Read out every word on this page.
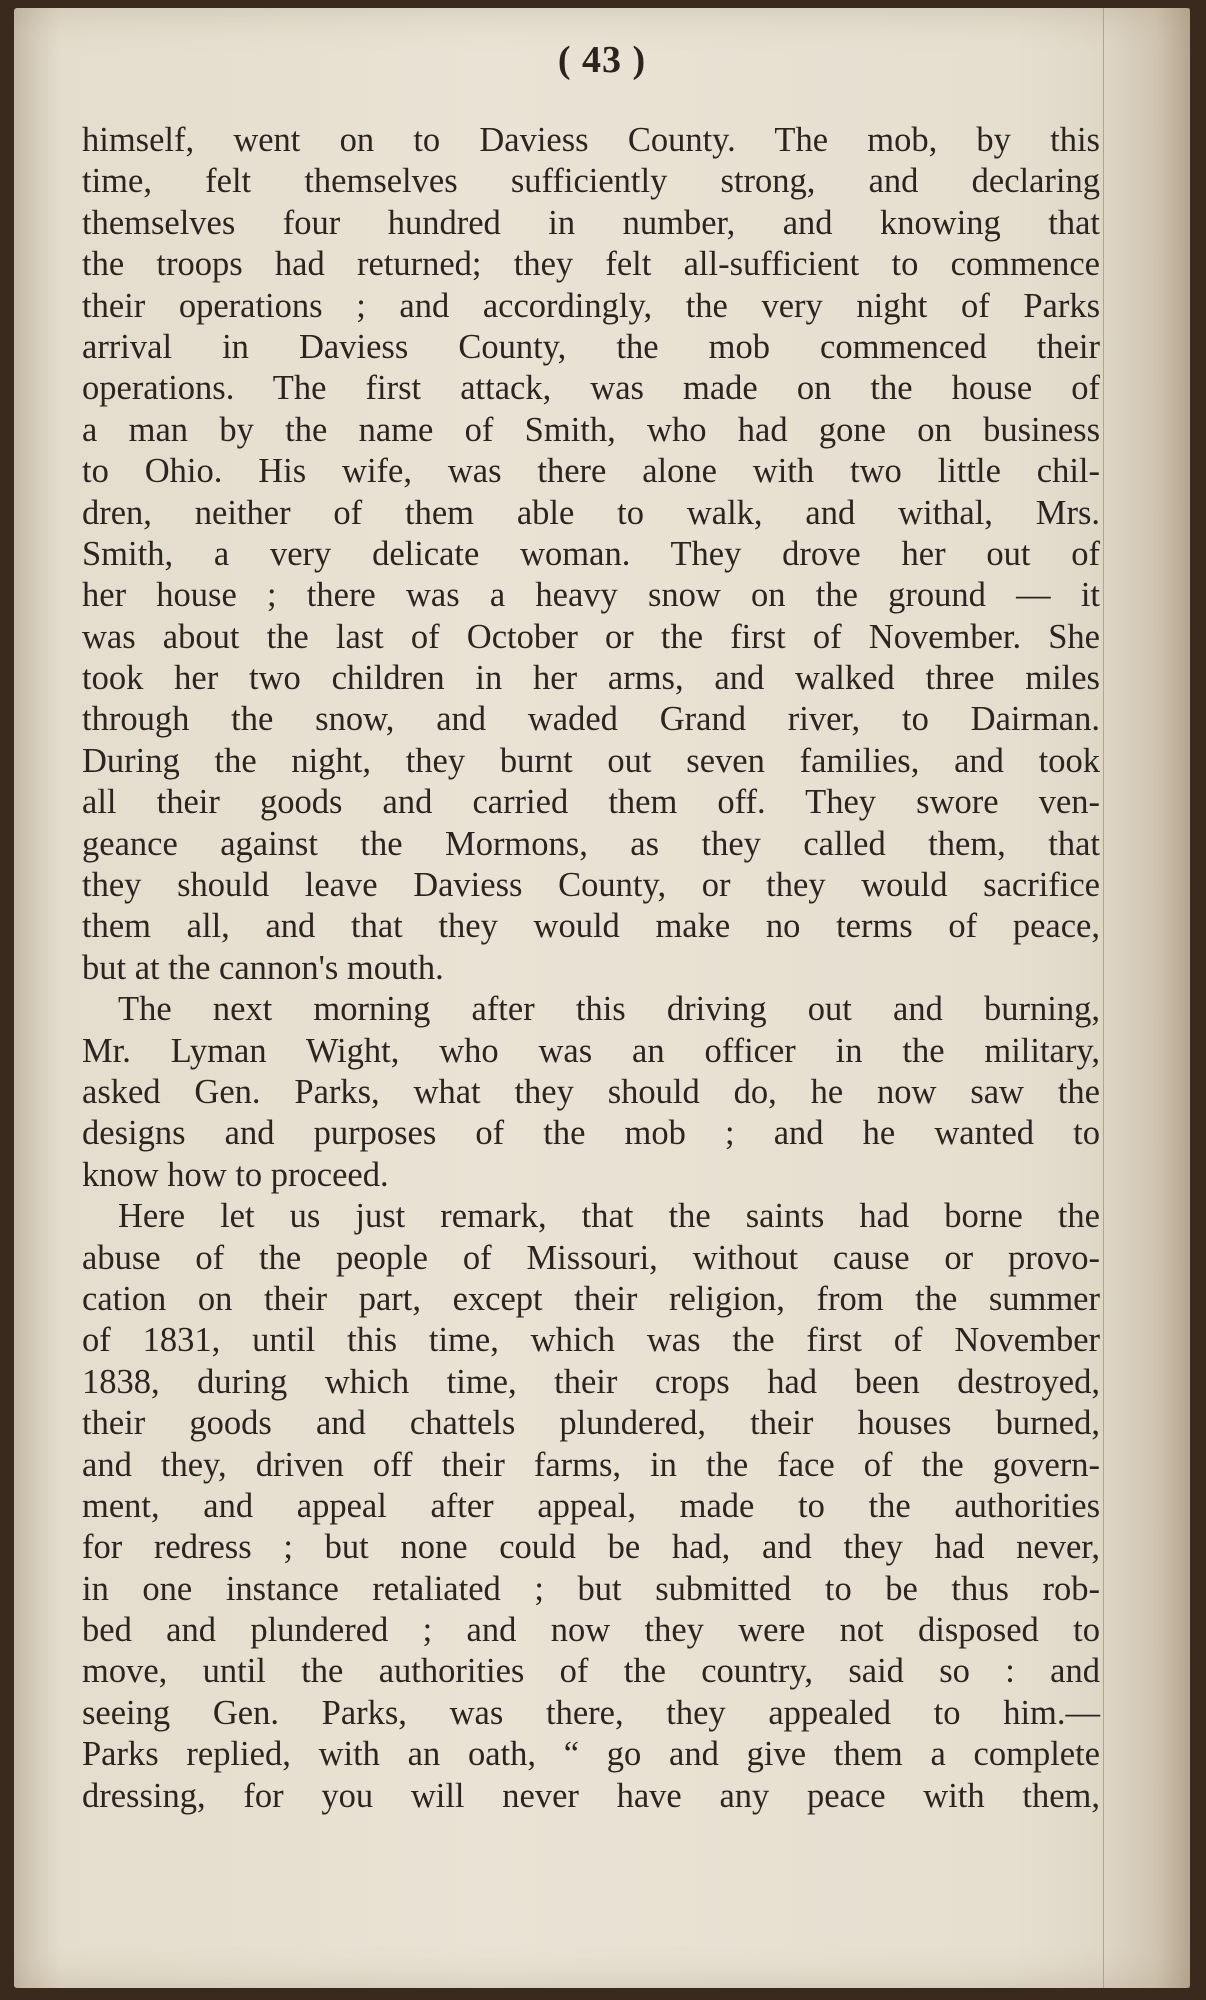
( 43 )
himself, went on to Daviess County. The mob, by this
time, felt themselves sufficiently strong, and declaring
themselves four hundred in number, and knowing that
the troops had returned; they felt all-sufficient to commence
their operations ; and accordingly, the very night of Parks
arrival in Daviess County, the mob commenced their
operations. The first attack, was made on the house of
a man by the name of Smith, who had gone on business
to Ohio. His wife, was there alone with two little chil-
dren, neither of them able to walk, and withal, Mrs.
Smith, a very delicate woman. They drove her out of
her house ; there was a heavy snow on the ground — it
was about the last of October or the first of November. She
took her two children in her arms, and walked three miles
through the snow, and waded Grand river, to Dairman.
During the night, they burnt out seven families, and took
all their goods and carried them off. They swore ven-
geance against the Mormons, as they called them, that
they should leave Daviess County, or they would sacrifice
them all, and that they would make no terms of peace,
but at the cannon's mouth.
The next morning after this driving out and burning,
Mr. Lyman Wight, who was an officer in the military,
asked Gen. Parks, what they should do, he now saw the
designs and purposes of the mob ; and he wanted to
know how to proceed.
Here let us just remark, that the saints had borne the
abuse of the people of Missouri, without cause or provo-
cation on their part, except their religion, from the summer
of 1831, until this time, which was the first of November
1838, during which time, their crops had been destroyed,
their goods and chattels plundered, their houses burned,
and they, driven off their farms, in the face of the govern-
ment, and appeal after appeal, made to the authorities
for redress ; but none could be had, and they had never,
in one instance retaliated ; but submitted to be thus rob-
bed and plundered ; and now they were not disposed to
move, until the authorities of the country, said so : and
seeing Gen. Parks, was there, they appealed to him.—
Parks replied, with an oath, “ go and give them a complete
dressing, for you will never have any peace with them,
